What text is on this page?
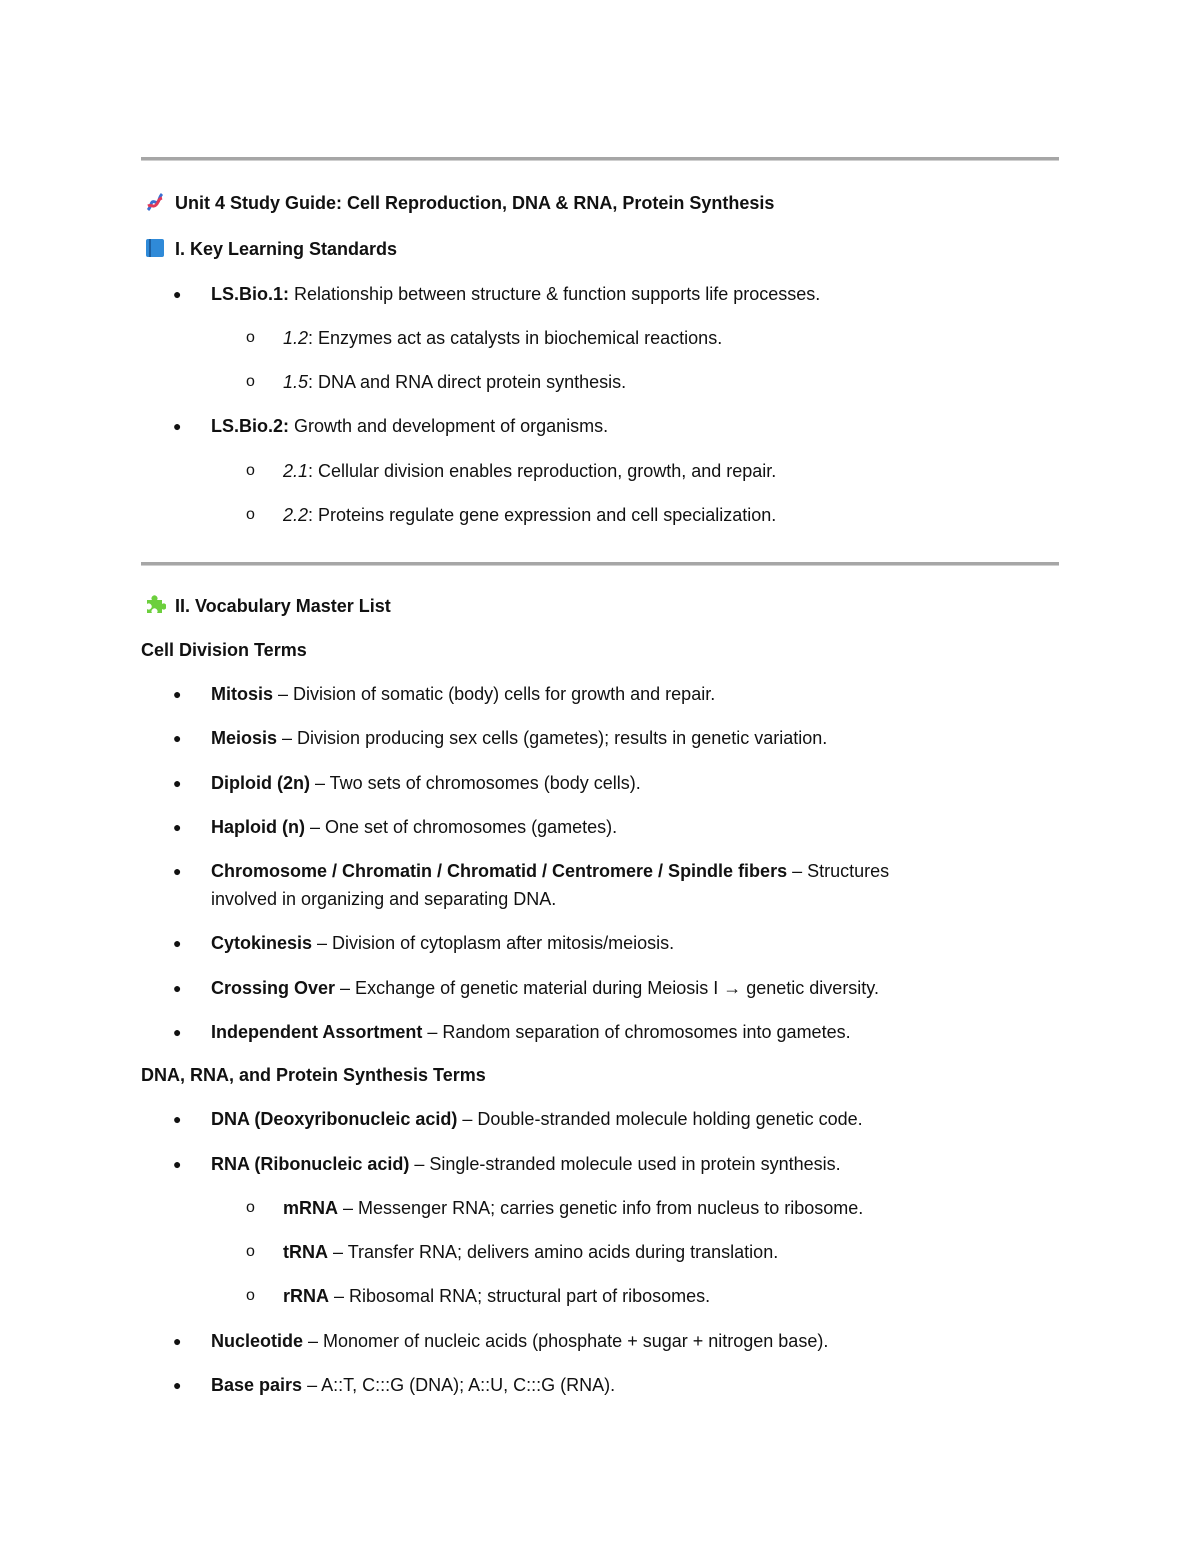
Unit 4 Study Guide: Cell Reproduction, DNA & RNA, Protein Synthesis
I. Key Learning Standards
● LS.Bio.1: Relationship between structure & function supports life processes.
o 1.2: Enzymes act as catalysts in biochemical reactions.
o 1.5: DNA and RNA direct protein synthesis.
● LS.Bio.2: Growth and development of organisms.
o 2.1: Cellular division enables reproduction, growth, and repair.
o 2.2: Proteins regulate gene expression and cell specialization.
II. Vocabulary Master List
Cell Division Terms
● Mitosis – Division of somatic (body) cells for growth and repair.
● Meiosis – Division producing sex cells (gametes); results in genetic variation.
● Diploid (2n) – Two sets of chromosomes (body cells).
● Haploid (n) – One set of chromosomes (gametes).
● Chromosome / Chromatin / Chromatid / Centromere / Spindle fibers – Structures
involved in organizing and separating DNA.
● Cytokinesis – Division of cytoplasm after mitosis/meiosis.
● Crossing Over – Exchange of genetic material during Meiosis I → genetic diversity.
● Independent Assortment – Random separation of chromosomes into gametes.
DNA, RNA, and Protein Synthesis Terms
● DNA (Deoxyribonucleic acid) – Double-stranded molecule holding genetic code.
● RNA (Ribonucleic acid) – Single-stranded molecule used in protein synthesis.
o mRNA – Messenger RNA; carries genetic info from nucleus to ribosome.
o tRNA – Transfer RNA; delivers amino acids during translation.
o rRNA – Ribosomal RNA; structural part of ribosomes.
● Nucleotide – Monomer of nucleic acids (phosphate + sugar + nitrogen base).
● Base pairs – A::T, C:::G (DNA); A::U, C:::G (RNA).
